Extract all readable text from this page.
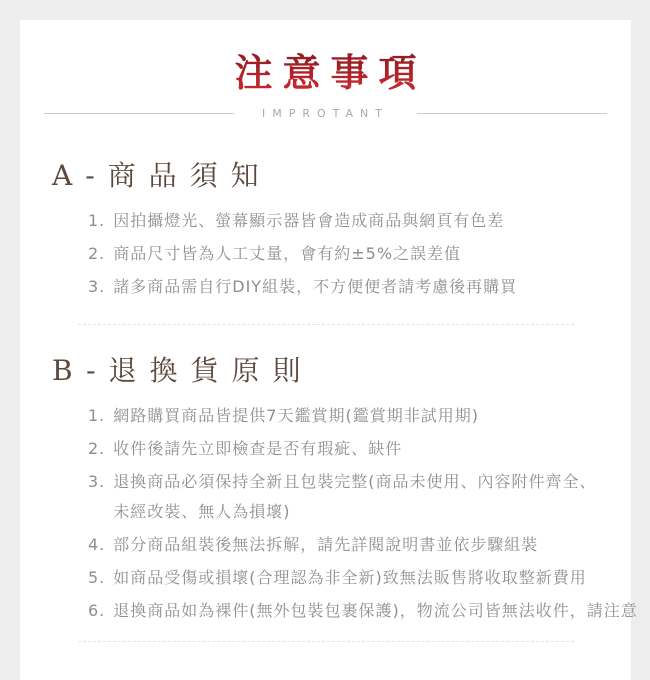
注意事項
IMPROTANT
A-商品須知
1. 因拍攝燈光、螢幕顯示器皆會造成商品與網頁有色差
2. 商品尺寸皆為人工丈量，會有約±5%之誤差值
3. 諸多商品需自行DIY組裝，不方便便者請考慮後再購買
B-退換貨原則
1. 網路購買商品皆提供7天鑑賞期(鑑賞期非試用期)
2. 收件後請先立即檢查是否有瑕疵、缺件
3. 退換商品必須保持全新且包裝完整(商品未使用、內容附件齊全、
未經改裝、無人為損壞)
4. 部分商品組裝後無法拆解，請先詳閱說明書並依步驟組裝
5. 如商品受傷或損壞(合理認為非全新)致無法販售將收取整新費用
6. 退換商品如為裸件(無外包裝包裹保護)，物流公司皆無法收件，請注意
